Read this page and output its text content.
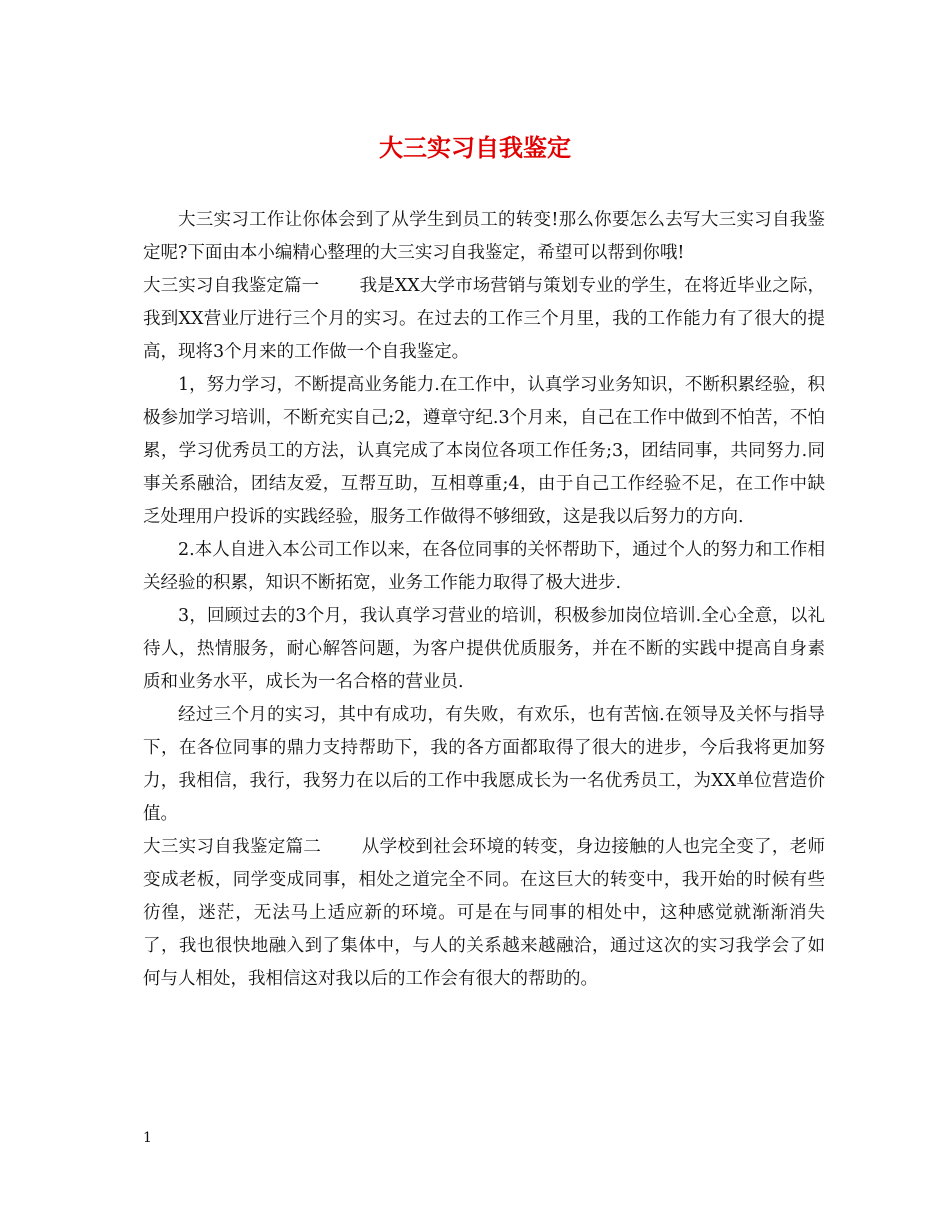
大三实习自我鉴定

大三实习工作让你体会到了从学生到员工的转变!那么你要怎么去写大三实习自我鉴定呢?下面由本小编精心整理的大三实习自我鉴定，希望可以帮到你哦!

大三实习自我鉴定篇一 我是XX大学市场营销与策划专业的学生，在将近毕业之际，我到XX营业厅进行三个月的实习。在过去的工作三个月里，我的工作能力有了很大的提高，现将3个月来的工作做一个自我鉴定。

1，努力学习，不断提高业务能力.在工作中，认真学习业务知识，不断积累经验，积极参加学习培训，不断充实自己;2，遵章守纪.3个月来，自己在工作中做到不怕苦，不怕累，学习优秀员工的方法，认真完成了本岗位各项工作任务;3，团结同事，共同努力.同事关系融洽，团结友爱，互帮互助，互相尊重;4，由于自己工作经验不足，在工作中缺乏处理用户投诉的实践经验，服务工作做得不够细致，这是我以后努力的方向.

2.本人自进入本公司工作以来，在各位同事的关怀帮助下，通过个人的努力和工作相关经验的积累，知识不断拓宽，业务工作能力取得了极大进步.

3，回顾过去的3个月，我认真学习营业的培训，积极参加岗位培训.全心全意，以礼待人，热情服务，耐心解答问题，为客户提供优质服务，并在不断的实践中提高自身素质和业务水平，成长为一名合格的营业员.

经过三个月的实习，其中有成功，有失败，有欢乐，也有苦恼.在领导及关怀与指导下，在各位同事的鼎力支持帮助下，我的各方面都取得了很大的进步，今后我将更加努力，我相信，我行，我努力在以后的工作中我愿成长为一名优秀员工，为XX单位营造价值。

大三实习自我鉴定篇二 从学校到社会环境的转变，身边接触的人也完全变了，老师变成老板，同学变成同事，相处之道完全不同。在这巨大的转变中，我开始的时候有些彷徨，迷茫，无法马上适应新的环境。可是在与同事的相处中，这种感觉就渐渐消失了，我也很快地融入到了集体中，与人的关系越来越融洽，通过这次的实习我学会了如何与人相处，我相信这对我以后的工作会有很大的帮助的。

1
